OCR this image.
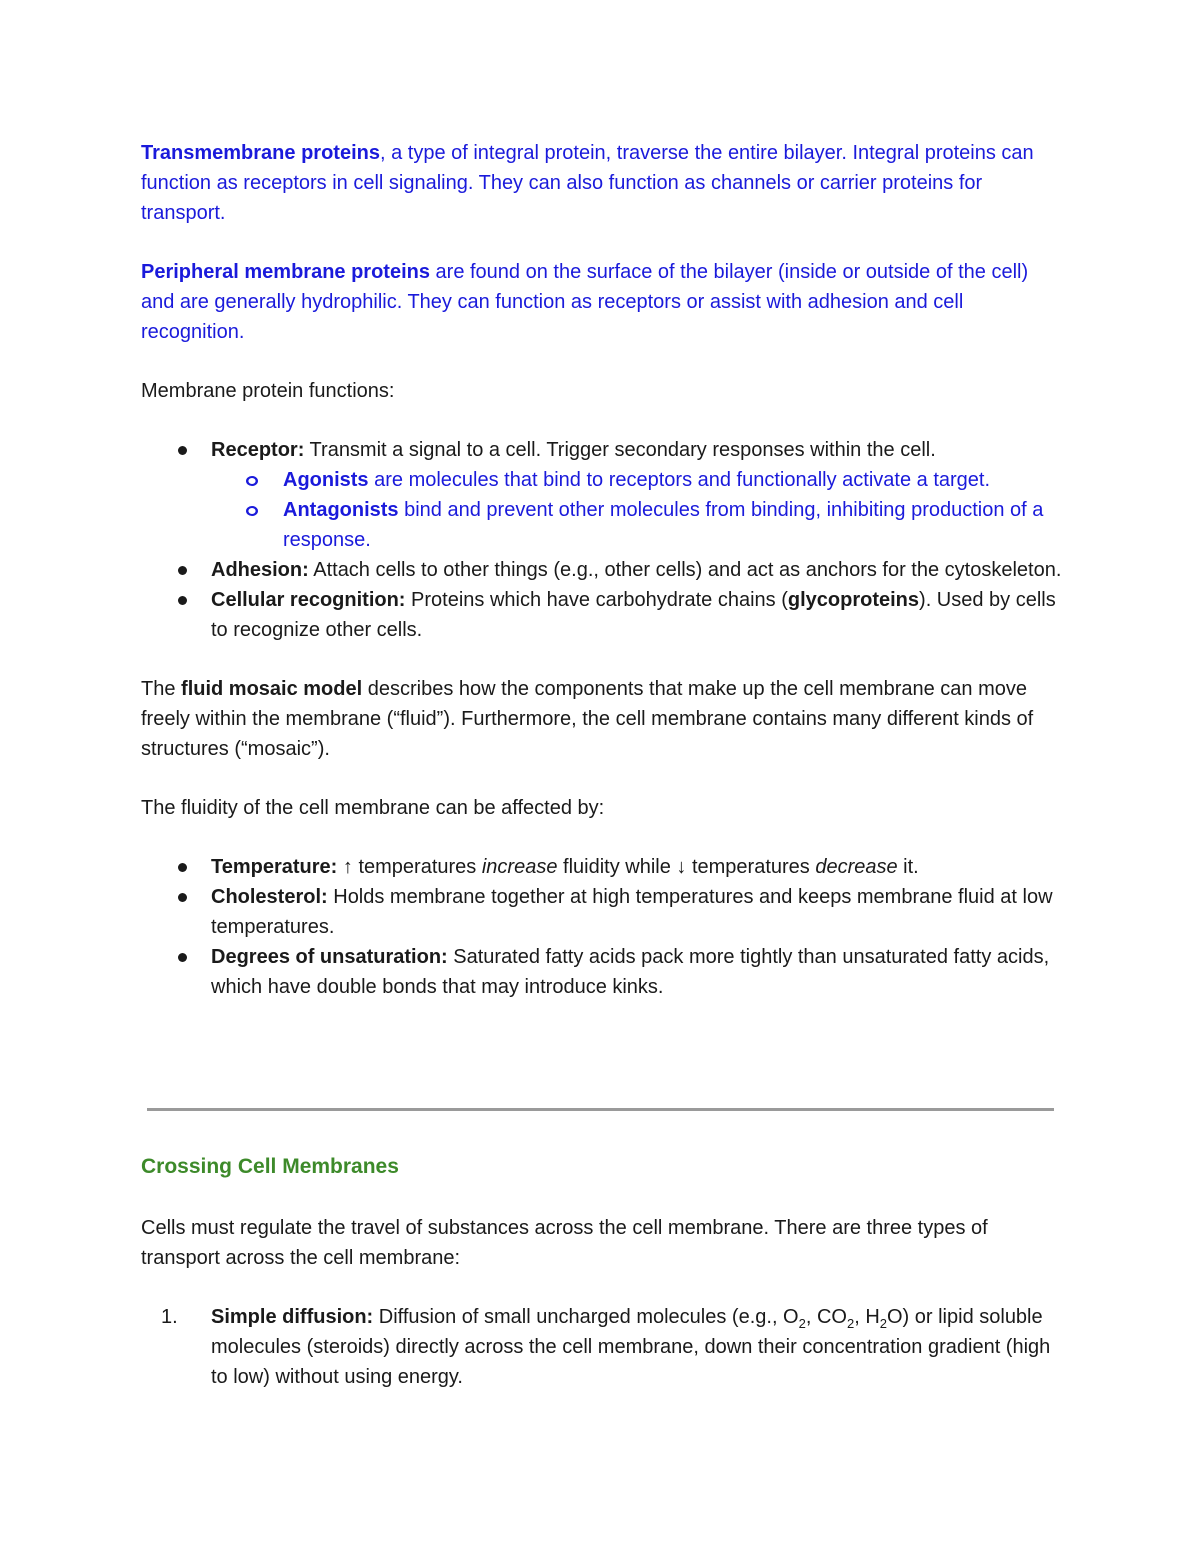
Transmembrane proteins, a type of integral protein, traverse the entire bilayer. Integral proteins can function as receptors in cell signaling. They can also function as channels or carrier proteins for transport.

Peripheral membrane proteins are found on the surface of the bilayer (inside or outside of the cell) and are generally hydrophilic. They can function as receptors or assist with adhesion and cell recognition.

Membrane protein functions:

Receptor: Transmit a signal to a cell. Trigger secondary responses within the cell.
Agonists are molecules that bind to receptors and functionally activate a target.
Antagonists bind and prevent other molecules from binding, inhibiting production of a response.
Adhesion: Attach cells to other things (e.g., other cells) and act as anchors for the cytoskeleton.
Cellular recognition: Proteins which have carbohydrate chains (glycoproteins). Used by cells to recognize other cells.

The fluid mosaic model describes how the components that make up the cell membrane can move freely within the membrane (“fluid”). Furthermore, the cell membrane contains many different kinds of structures (“mosaic”).

The fluidity of the cell membrane can be affected by:

Temperature: ↑ temperatures increase fluidity while ↓ temperatures decrease it.
Cholesterol: Holds membrane together at high temperatures and keeps membrane fluid at low temperatures.
Degrees of unsaturation: Saturated fatty acids pack more tightly than unsaturated fatty acids, which have double bonds that may introduce kinks.
Crossing Cell Membranes

Cells must regulate the travel of substances across the cell membrane. There are three types of transport across the cell membrane:

1. Simple diffusion: Diffusion of small uncharged molecules (e.g., $O_2$, $CO_2$, $H_2O$) or lipid soluble molecules (steroids) directly across the cell membrane, down their concentration gradient (high to low) without using energy.
